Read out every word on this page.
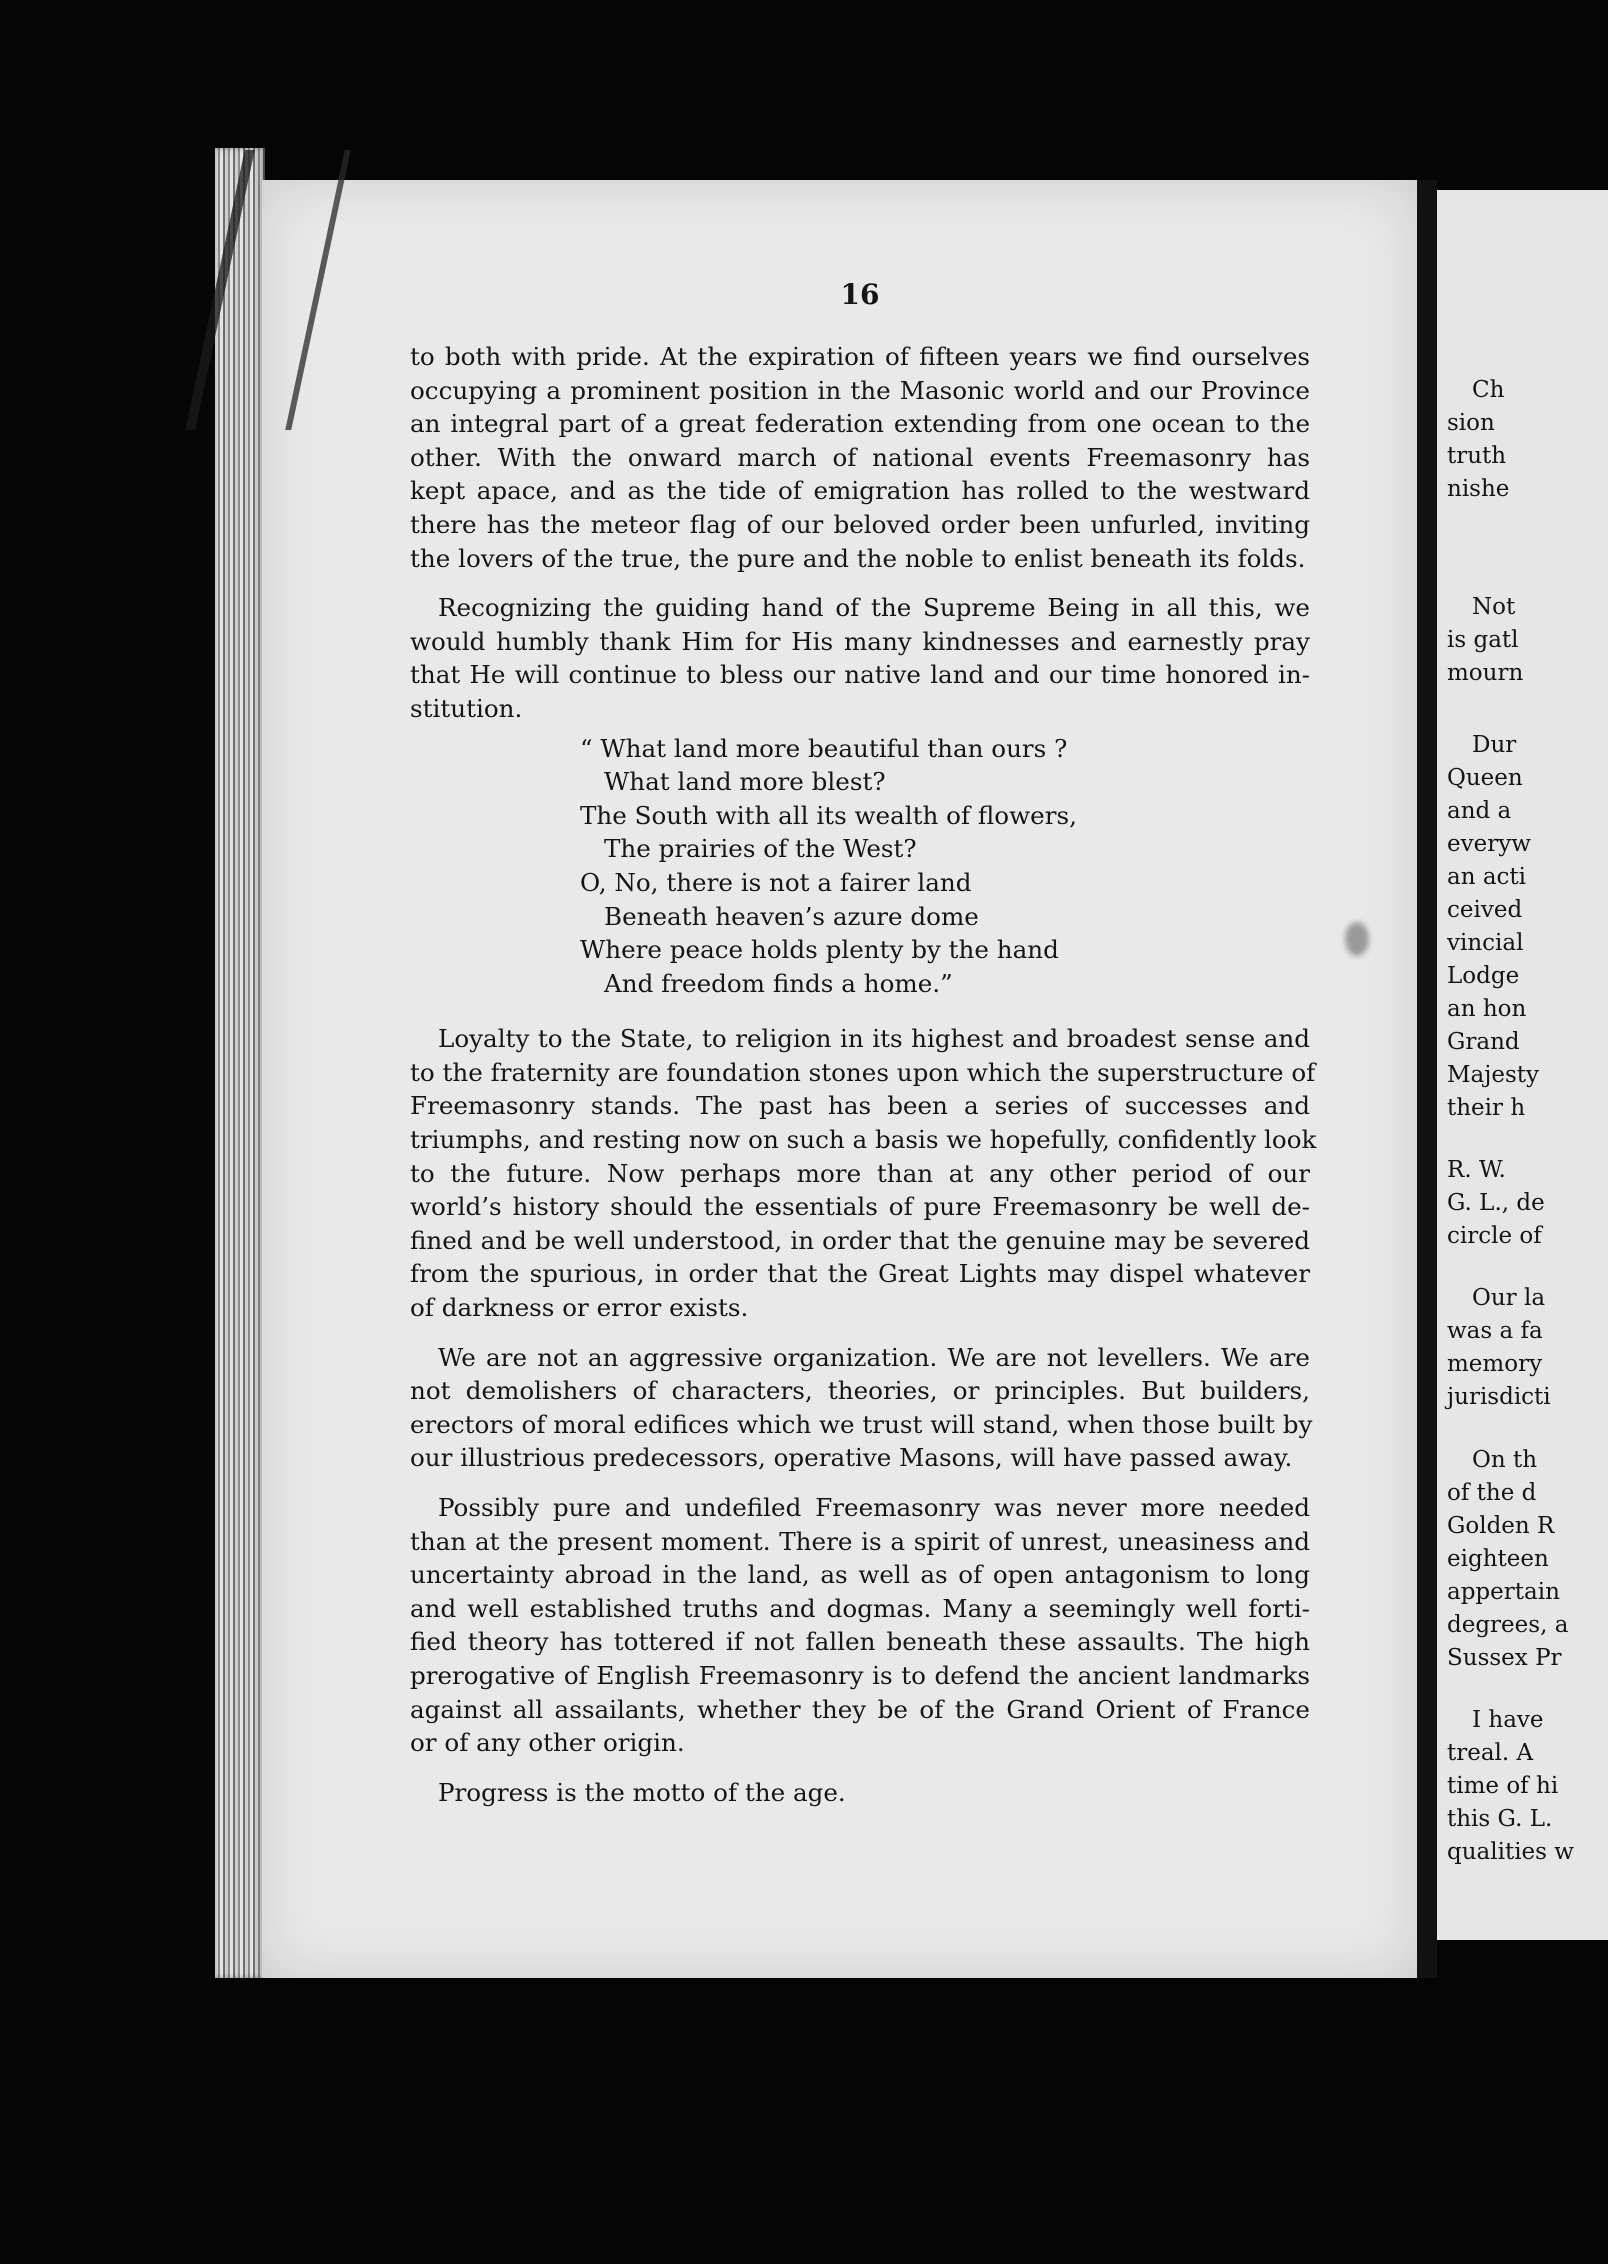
Ch
sion
truth
nishe
Not
is gatl
mourn
Dur
Queen
and a
everyw
an acti
ceived
vincial
Lodge
an hon
Grand
Majesty
their h
R. W.
G. L., de
circle of
Our la
was a fa
memory
jurisdicti
On th
of the d
Golden R
eighteen
appertain
degrees, a
Sussex Pr
I have
treal. A
time of hi
this G. L.
qualities w
16
to both with pride. At the expiration of fifteen years we find ourselves
occupying a prominent position in the Masonic world and our Province
an integral part of a great federation extending from one ocean to the
other. With the onward march of national events Freemasonry has
kept apace, and as the tide of emigration has rolled to the westward
there has the meteor flag of our beloved order been unfurled, inviting
the lovers of the true, the pure and the noble to enlist beneath its folds.
Recognizing the guiding hand of the Supreme Being in all this, we
would humbly thank Him for His many kindnesses and earnestly pray
that He will continue to bless our native land and our time honored in-
stitution.
“ What land more beautiful than ours ?
What land more blest?
The South with all its wealth of flowers,
The prairies of the West?
O, No, there is not a fairer land
Beneath heaven’s azure dome
Where peace holds plenty by the hand
And freedom finds a home.”
Loyalty to the State, to religion in its highest and broadest sense and
to the fraternity are foundation stones upon which the superstructure of
Freemasonry stands. The past has been a series of successes and
triumphs, and resting now on such a basis we hopefully, confidently look
to the future. Now perhaps more than at any other period of our
world’s history should the essentials of pure Freemasonry be well de-
fined and be well understood, in order that the genuine may be severed
from the spurious, in order that the Great Lights may dispel whatever
of darkness or error exists.
We are not an aggressive organization. We are not levellers. We are
not demolishers of characters, theories, or principles. But builders,
erectors of moral edifices which we trust will stand, when those built by
our illustrious predecessors, operative Masons, will have passed away.
Possibly pure and undefiled Freemasonry was never more needed
than at the present moment. There is a spirit of unrest, uneasiness and
uncertainty abroad in the land, as well as of open antagonism to long
and well established truths and dogmas. Many a seemingly well forti-
fied theory has tottered if not fallen beneath these assaults. The high
prerogative of English Freemasonry is to defend the ancient landmarks
against all assailants, whether they be of the Grand Orient of France
or of any other origin.
Progress is the motto of the age.
